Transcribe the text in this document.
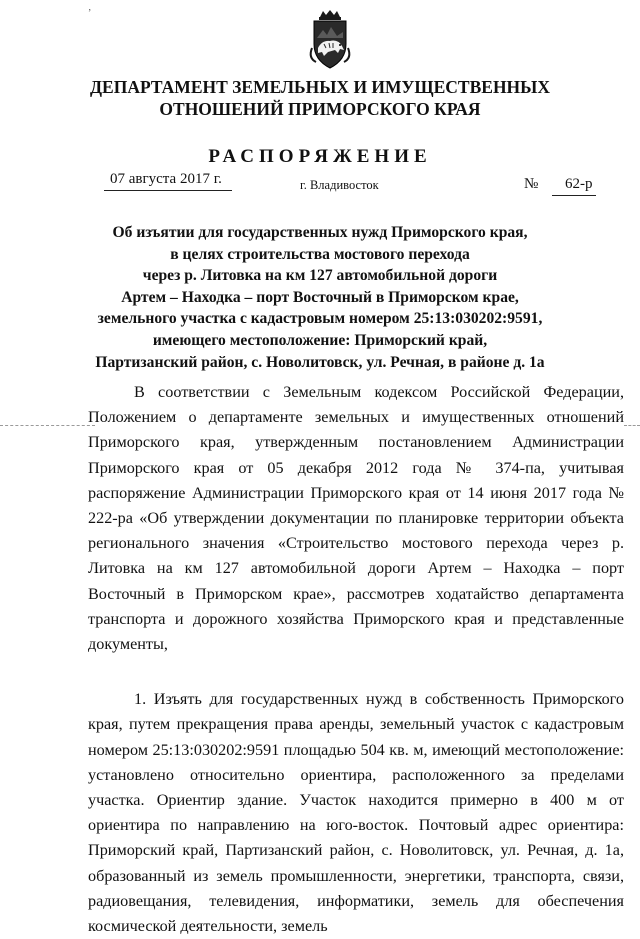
ʼ
ДЕПАРТАМЕНТ ЗЕМЕЛЬНЫХ И ИМУЩЕСТВЕННЫХ
ОТНОШЕНИЙ ПРИМОРСКОГО КРАЯ
РАСПОРЯЖЕНИЕ
07 августа 2017 г.	г. Владивосток	№ 62-р
Об изъятии для государственных нужд Приморского края,
в целях строительства мостового перехода
через р. Литовка на км 127 автомобильной дороги
Артем – Находка – порт Восточный в Приморском крае,
земельного участка с кадастровым номером 25:13:030202:9591,
имеющего местоположение: Приморский край,
Партизанский район, с. Новолитовск, ул. Речная, в районе д. 1а

В соответствии с Земельным кодексом Российской Федерации, Положением о департаменте земельных и имущественных отношений Приморского края, утвержденным постановлением Администрации Приморского края от 05 декабря 2012 года № 374-па, учитывая распоряжение Администрации Приморского края от 14 июня 2017 года № 222-ра «Об утверждении документации по планировке территории объекта регионального значения «Строительство мостового перехода через р. Литовка на км 127 автомобильной дороги Артем – Находка – порт Восточный в Приморском крае», рассмотрев ходатайство департамента транспорта и дорожного хозяйства Приморского края и представленные документы,

1. Изъять для государственных нужд в собственность Приморского края, путем прекращения права аренды, земельный участок с кадастровым номером 25:13:030202:9591 площадью 504 кв. м, имеющий местоположение: установлено относительно ориентира, расположенного за пределами участка. Ориентир здание. Участок находится примерно в 400 м от ориентира по направлению на юго-восток. Почтовый адрес ориентира: Приморский край, Партизанский район, с. Новолитовск, ул. Речная, д. 1а, образованный из земель промышленности, энергетики, транспорта, связи, радиовещания, телевидения, информатики, земель для обеспечения космической деятельности, земель
